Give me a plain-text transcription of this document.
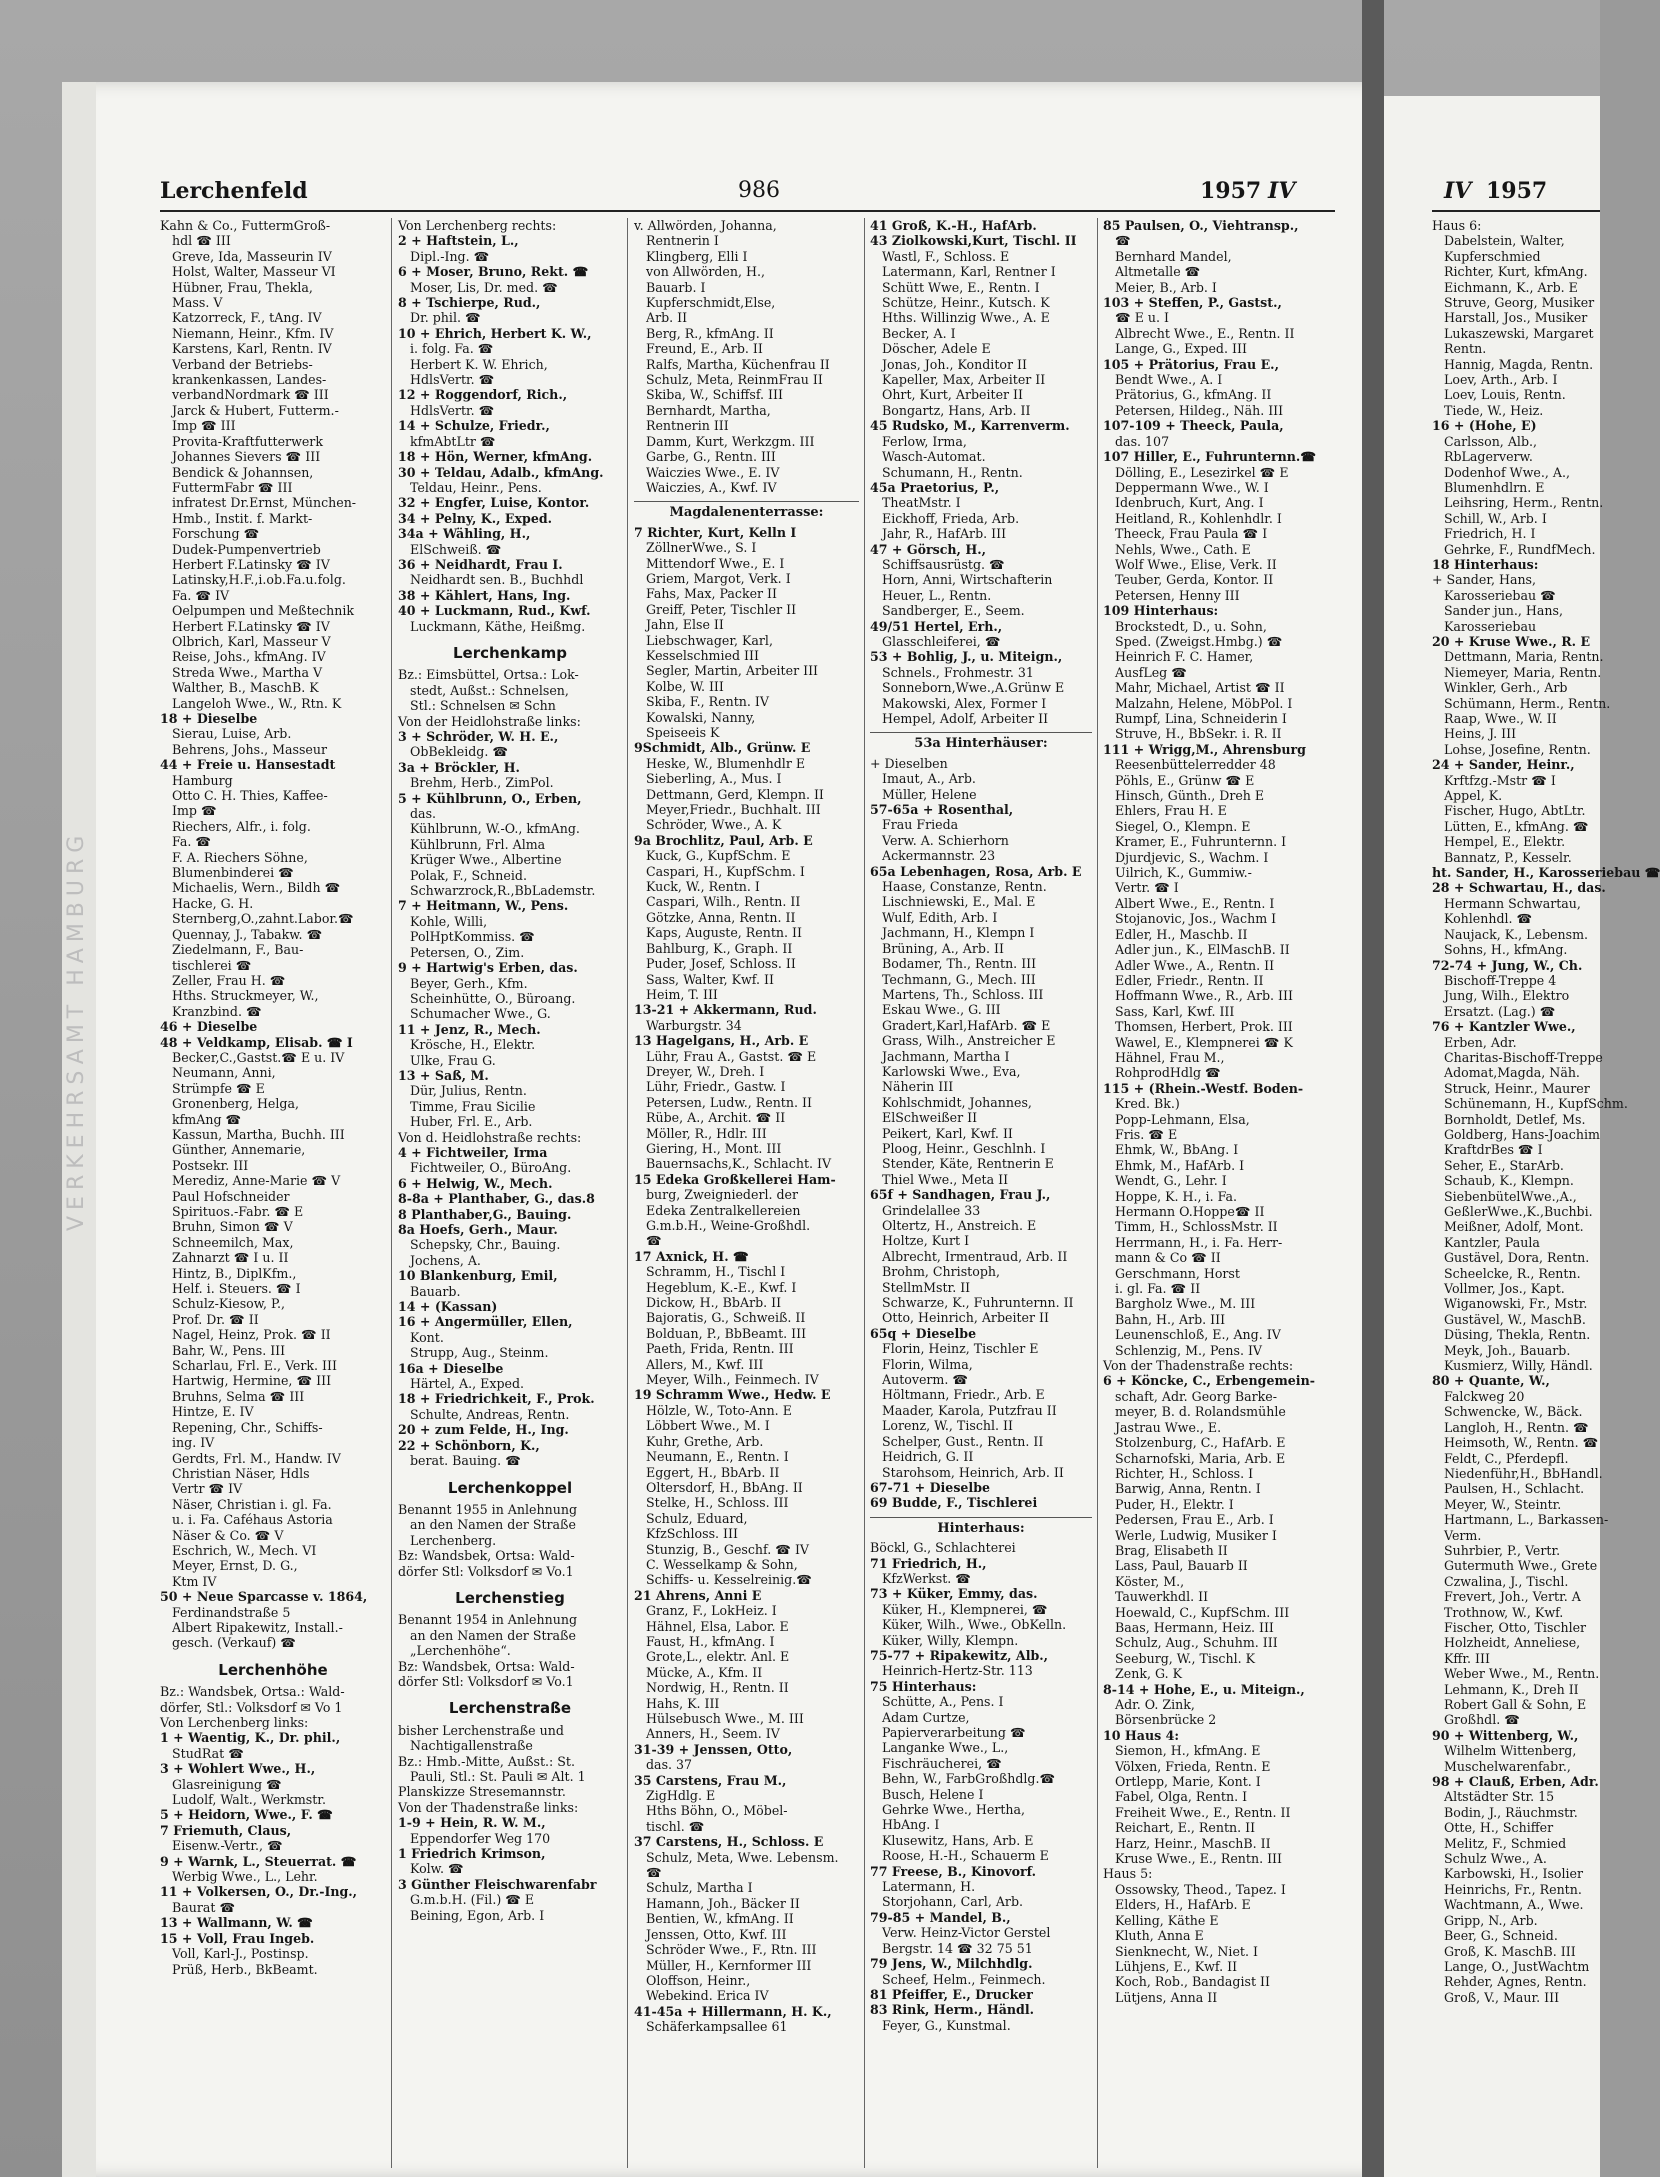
VERKEHRSAMT HAMBURG
Lerchenfeld	986	1957 IV	IV 1957
Kahn & Co., FuttermGroß-
hdl ☎ III
Greve, Ida, Masseurin IV
Holst, Walter, Masseur VI
Hübner, Frau, Thekla,
Mass. V
Katzorreck, F., tAng. IV
Niemann, Heinr., Kfm. IV
Karstens, Karl, Rentn. IV
Verband der Betriebs-
krankenkassen, Landes-
verbandNordmark ☎ III
Jarck & Hubert, Futterm.-
Imp ☎ III
Provita-Kraftfutterwerk
Johannes Sievers ☎ III
Bendick & Johannsen,
FuttermFabr ☎ III
infratest Dr.Ernst, München-
Hmb., Instit. f. Markt-
Forschung ☎
Dudek-Pumpenvertrieb
Herbert F.Latinsky ☎ IV
Latinsky,H.F.,i.ob.Fa.u.folg.
Fa. ☎ IV
Oelpumpen und Meßtechnik
Herbert F.Latinsky ☎ IV
Olbrich, Karl, Masseur V
Reise, Johs., kfmAng. IV
Streda Wwe., Martha V
Walther, B., MaschB. K
Langeloh Wwe., W., Rtn. K
18 + Dieselbe
Sierau, Luise, Arb.
Behrens, Johs., Masseur
44 + Freie u. Hansestadt
Hamburg
Otto C. H. Thies, Kaffee-
Imp ☎
Riechers, Alfr., i. folg.
Fa. ☎
F. A. Riechers Söhne,
Blumenbinderei ☎
Michaelis, Wern., Bildh ☎
Hacke, G. H.
Sternberg,O.,zahnt.Labor.☎
Quennay, J., Tabakw. ☎
Ziedelmann, F., Bau-
tischlerei ☎
Zeller, Frau H. ☎
Hths. Struckmeyer, W.,
Kranzbind. ☎
46 + Dieselbe
48 + Veldkamp, Elisab. ☎ I
Becker,C.,Gastst.☎ E u. IV
Neumann, Anni,
Strümpfe ☎ E
Gronenberg, Helga,
kfmAng ☎
Kassun, Martha, Buchh. III
Günther, Annemarie,
Postsekr. III
Merediz, Anne-Marie ☎ V
Paul Hofschneider
Spirituos.-Fabr. ☎ E
Bruhn, Simon ☎ V
Schneemilch, Max,
Zahnarzt ☎ I u. II
Hintz, B., DiplKfm.,
Helf. i. Steuers. ☎ I
Schulz-Kiesow, P.,
Prof. Dr. ☎ II
Nagel, Heinz, Prok. ☎ II
Bahr, W., Pens. III
Scharlau, Frl. E., Verk. III
Hartwig, Hermine, ☎ III
Bruhns, Selma ☎ III
Hintze, E. IV
Repening, Chr., Schiffs-
ing. IV
Gerdts, Frl. M., Handw. IV
Christian Näser, Hdls
Vertr ☎ IV
Näser, Christian i. gl. Fa.
u. i. Fa. Caféhaus Astoria
Näser & Co. ☎ V
Eschrich, W., Mech. VI
Meyer, Ernst, D. G.,
Ktm IV
50 + Neue Sparcasse v. 1864,
Ferdinandstraße 5
Albert Ripakewitz, Install.-
gesch. (Verkauf) ☎
Lerchenhöhe
Bz.: Wandsbek, Ortsa.: Wald-
dörfer, Stl.: Volksdorf ✉ Vo 1
Von Lerchenberg links:
1 + Waentig, K., Dr. phil.,
StudRat ☎
3 + Wohlert Wwe., H.,
Glasreinigung ☎
Ludolf, Walt., Werkmstr.
5 + Heidorn, Wwe., F. ☎
7 Friemuth, Claus,
Eisenw.-Vertr., ☎
9 + Warnk, L., Steuerrat. ☎
Werbig Wwe., L., Lehr.
11 + Volkersen, O., Dr.-Ing.,
Baurat ☎
13 + Wallmann, W. ☎
15 + Voll, Frau Ingeb.
Voll, Karl-J., Postinsp.
Prüß, Herb., BkBeamt.
Von Lerchenberg rechts:
2 + Haftstein, L.,
Dipl.-Ing. ☎
6 + Moser, Bruno, Rekt. ☎
Moser, Lis, Dr. med. ☎
8 + Tschierpe, Rud.,
Dr. phil. ☎
10 + Ehrich, Herbert K. W.,
i. folg. Fa. ☎
Herbert K. W. Ehrich,
HdlsVertr. ☎
12 + Roggendorf, Rich.,
HdlsVertr. ☎
14 + Schulze, Friedr.,
kfmAbtLtr ☎
18 + Hön, Werner, kfmAng.
30 + Teldau, Adalb., kfmAng.
Teldau, Heinr., Pens.
32 + Engfer, Luise, Kontor.
34 + Pelny, K., Exped.
34a + Wähling, H.,
ElSchweiß. ☎
36 + Neidhardt, Frau I.
Neidhardt sen. B., Buchhdl
38 + Kählert, Hans, Ing.
40 + Luckmann, Rud., Kwf.
Luckmann, Käthe, Heißmg.
Lerchenkamp
Bz.: Eimsbüttel, Ortsa.: Lok-
stedt, Außst.: Schnelsen,
Stl.: Schnelsen ✉ Schn
Von der Heidlohstraße links:
3 + Schröder, W. H. E.,
ObBekleidg. ☎
3a + Bröckler, H.
Brehm, Herb., ZimPol.
5 + Kühlbrunn, O., Erben,
das.
Kühlbrunn, W.-O., kfmAng.
Kühlbrunn, Frl. Alma
Krüger Wwe., Albertine
Polak, F., Schneid.
Schwarzrock,R.,BbLademstr.
7 + Heitmann, W., Pens.
Kohle, Willi,
PolHptKommiss. ☎
Petersen, O., Zim.
9 + Hartwig's Erben, das.
Beyer, Gerh., Kfm.
Scheinhütte, O., Büroang.
Schumacher Wwe., G.
11 + Jenz, R., Mech.
Krösche, H., Elektr.
Ulke, Frau G.
13 + Saß, M.
Dür, Julius, Rentn.
Timme, Frau Sicilie
Huber, Frl. E., Arb.
Von d. Heidlohstraße rechts:
4 + Fichtweiler, Irma
Fichtweiler, O., BüroAng.
6 + Helwig, W., Mech.
8-8a + Planthaber, G., das.8
8 Planthaber,G., Bauing.
8a Hoefs, Gerh., Maur.
Schepsky, Chr., Bauing.
Jochens, A.
10 Blankenburg, Emil,
Bauarb.
14 + (Kassan)
16 + Angermüller, Ellen,
Kont.
Strupp, Aug., Steinm.
16a + Dieselbe
Härtel, A., Exped.
18 + Friedrichkeit, F., Prok.
Schulte, Andreas, Rentn.
20 + zum Felde, H., Ing.
22 + Schönborn, K.,
berat. Bauing. ☎
Lerchenkoppel
Benannt 1955 in Anlehnung
an den Namen der Straße
Lerchenberg.
Bz: Wandsbek, Ortsa: Wald-
dörfer Stl: Volksdorf ✉ Vo.1
Lerchenstieg
Benannt 1954 in Anlehnung
an den Namen der Straße
„Lerchenhöhe“.
Bz: Wandsbek, Ortsa: Wald-
dörfer Stl: Volksdorf ✉ Vo.1
Lerchenstraße
bisher Lerchenstraße und
Nachtigallenstraße
Bz.: Hmb.-Mitte, Außst.: St.
Pauli, Stl.: St. Pauli ✉ Alt. 1
Planskizze Stresemannstr.
Von der Thadenstraße links:
1-9 + Hein, R. W. M.,
Eppendorfer Weg 170
1 Friedrich Krimson,
Kolw. ☎
3 Günther Fleischwarenfabr
G.m.b.H. (Fil.) ☎ E
Beining, Egon, Arb. I
v. Allwörden, Johanna,
Rentnerin I
Klingberg, Elli I
von Allwörden, H.,
Bauarb. I
Kupferschmidt,Else,
Arb. II
Berg, R., kfmAng. II
Freund, E., Arb. II
Ralfs, Martha, Küchenfrau II
Schulz, Meta, ReinmFrau II
Skiba, W., Schiffsf. III
Bernhardt, Martha,
Rentnerin III
Damm, Kurt, Werkzgm. III
Garbe, G., Rentn. III
Waiczies Wwe., E. IV
Waiczies, A., Kwf. IV
Magdalenenterrasse:
7 Richter, Kurt, Kelln I
ZöllnerWwe., S. I
Mittendorf Wwe., E. I
Griem, Margot, Verk. I
Fahs, Max, Packer II
Greiff, Peter, Tischler II
Jahn, Else II
Liebschwager, Karl,
Kesselschmied III
Segler, Martin, Arbeiter III
Kolbe, W. III
Skiba, F., Rentn. IV
Kowalski, Nanny,
Speiseeis K
9Schmidt, Alb., Grünw. E
Heske, W., Blumenhdlr E
Sieberling, A., Mus. I
Dettmann, Gerd, Klempn. II
Meyer,Friedr., Buchhalt. III
Schröder, Wwe., A. K
9a Brochlitz, Paul, Arb. E
Kuck, G., KupfSchm. E
Caspari, H., KupfSchm. I
Kuck, W., Rentn. I
Caspari, Wilh., Rentn. II
Götzke, Anna, Rentn. II
Kaps, Auguste, Rentn. II
Bahlburg, K., Graph. II
Puder, Josef, Schloss. II
Sass, Walter, Kwf. II
Heim, T. III
13-21 + Akkermann, Rud.
Warburgstr. 34
13 Hagelgans, H., Arb. E
Lühr, Frau A., Gastst. ☎ E
Dreyer, W., Dreh. I
Lühr, Friedr., Gastw. I
Petersen, Ludw., Rentn. II
Rübe, A., Archit. ☎ II
Möller, R., Hdlr. III
Giering, H., Mont. III
Bauernsachs,K., Schlacht. IV
15 Edeka Großkellerei Ham-
burg, Zweigniederl. der
Edeka Zentralkellereien
G.m.b.H., Weine-Großhdl.
☎
17 Axnick, H. ☎
Schramm, H., Tischl I
Hegeblum, K.-E., Kwf. I
Dickow, H., BbArb. II
Bajoratis, G., Schweiß. II
Bolduan, P., BbBeamt. III
Paeth, Frida, Rentn. III
Allers, M., Kwf. III
Meyer, Wilh., Feinmech. IV
19 Schramm Wwe., Hedw. E
Hölzle, W., Toto-Ann. E
Löbbert Wwe., M. I
Kuhr, Grethe, Arb.
Neumann, E., Rentn. I
Eggert, H., BbArb. II
Oltersdorf, H., BbAng. II
Stelke, H., Schloss. III
Schulz, Eduard,
KfzSchloss. III
Stunzig, B., Geschf. ☎ IV
C. Wesselkamp & Sohn,
Schiffs- u. Kesselreinig.☎
21 Ahrens, Anni E
Granz, F., LokHeiz. I
Hähnel, Elsa, Labor. E
Faust, H., kfmAng. I
Grote,L., elektr. Anl. E
Mücke, A., Kfm. II
Nordwig, H., Rentn. II
Hahs, K. III
Hülsebusch Wwe., M. III
Anners, H., Seem. IV
31-39 + Jenssen, Otto,
das. 37
35 Carstens, Frau M.,
ZigHdlg. E
Hths Böhn, O., Möbel-
tischl. ☎
37 Carstens, H., Schloss. E
Schulz, Meta, Wwe. Lebensm.
☎
Schulz, Martha I
Hamann, Joh., Bäcker II
Bentien, W., kfmAng. II
Jenssen, Otto, Kwf. III
Schröder Wwe., F., Rtn. III
Müller, H., Kernformer III
Oloffson, Heinr.,
Webekind. Erica IV
41-45a + Hillermann, H. K.,
Schäferkampsallee 61
41 Groß, K.-H., HafArb.
43 Ziolkowski,Kurt, Tischl. II
Wastl, F., Schloss. E
Latermann, Karl, Rentner I
Schütt Wwe, E., Rentn. I
Schütze, Heinr., Kutsch. K
Hths. Willinzig Wwe., A. E
Becker, A. I
Döscher, Adele E
Jonas, Joh., Konditor II
Kapeller, Max, Arbeiter II
Ohrt, Kurt, Arbeiter II
Bongartz, Hans, Arb. II
45 Rudsko, M., Karrenverm.
Ferlow, Irma,
Wasch-Automat.
Schumann, H., Rentn.
45a Praetorius, P.,
TheatMstr. I
Eickhoff, Frieda, Arb.
Jahr, R., HafArb. III
47 + Görsch, H.,
Schiffsausrüstg. ☎
Horn, Anni, Wirtschafterin
Heuer, L., Rentn.
Sandberger, E., Seem.
49/51 Hertel, Erh.,
Glasschleiferei, ☎
53 + Bohlig, J., u. Miteign.,
Schnels., Frohmestr. 31
Sonneborn,Wwe.,A.Grünw E
Makowski, Alex, Former I
Hempel, Adolf, Arbeiter II
53a Hinterhäuser:
+ Dieselben
Imaut, A., Arb.
Müller, Helene
57-65a + Rosenthal,
Frau Frieda
Verw. A. Schierhorn
Ackermannstr. 23
65a Lebenhagen, Rosa, Arb. E
Haase, Constanze, Rentn.
Lischniewski, E., Mal. E
Wulf, Edith, Arb. I
Jachmann, H., Klempn I
Brüning, A., Arb. II
Bodamer, Th., Rentn. III
Techmann, G., Mech. III
Martens, Th., Schloss. III
Eskau Wwe., G. III
Gradert,Karl,HafArb. ☎ E
Grass, Wilh., Anstreicher E
Jachmann, Martha I
Karlowski Wwe., Eva,
Näherin III
Kohlschmidt, Johannes,
ElSchweißer II
Peikert, Karl, Kwf. II
Ploog, Heinr., Geschlnh. I
Stender, Käte, Rentnerin E
Thiel Wwe., Meta II
65f + Sandhagen, Frau J.,
Grindelallee 33
Oltertz, H., Anstreich. E
Holtze, Kurt I
Albrecht, Irmentraud, Arb. II
Brohm, Christoph,
StellmMstr. II
Schwarze, K., Fuhrunternn. II
Otto, Heinrich, Arbeiter II
65q + Dieselbe
Florin, Heinz, Tischler E
Florin, Wilma,
Autoverm. ☎
Höltmann, Friedr., Arb. E
Maader, Karola, Putzfrau II
Lorenz, W., Tischl. II
Schelper, Gust., Rentn. II
Heidrich, G. II
Starohsom, Heinrich, Arb. II
67-71 + Dieselbe
69 Budde, F., Tischlerei
Hinterhaus:
Böckl, G., Schlachterei
71 Friedrich, H.,
KfzWerkst. ☎
73 + Küker, Emmy, das.
Küker, H., Klempnerei, ☎
Küker, Wilh., Wwe., ObKelln.
Küker, Willy, Klempn.
75-77 + Ripakewitz, Alb.,
Heinrich-Hertz-Str. 113
75 Hinterhaus:
Schütte, A., Pens. I
Adam Curtze,
Papierverarbeitung ☎
Langanke Wwe., L.,
Fischräucherei, ☎
Behn, W., FarbGroßhdlg.☎
Busch, Helene I
Gehrke Wwe., Hertha,
HbAng. I
Klusewitz, Hans, Arb. E
Roose, H.-H., Schauerm E
77 Freese, B., Kinovorf.
Latermann, H.
Storjohann, Carl, Arb.
79-85 + Mandel, B.,
Verw. Heinz-Victor Gerstel
Bergstr. 14 ☎ 32 75 51
79 Jens, W., Milchhdlg.
Scheef, Helm., Feinmech.
81 Pfeiffer, E., Drucker
83 Rink, Herm., Händl.
Feyer, G., Kunstmal.
85 Paulsen, O., Viehtransp.,
☎
Bernhard Mandel,
Altmetalle ☎
Meier, B., Arb. I
103 + Steffen, P., Gastst.,
☎ E u. I
Albrecht Wwe., E., Rentn. II
Lange, G., Exped. III
105 + Prätorius, Frau E.,
Bendt Wwe., A. I
Prätorius, G., kfmAng. II
Petersen, Hildeg., Näh. III
107-109 + Theeck, Paula,
das. 107
107 Hiller, E., Fuhrunternn.☎
Dölling, E., Lesezirkel ☎ E
Deppermann Wwe., W. I
Idenbruch, Kurt, Ang. I
Heitland, R., Kohlenhdlr. I
Theeck, Frau Paula ☎ I
Nehls, Wwe., Cath. E
Wolf Wwe., Elise, Verk. II
Teuber, Gerda, Kontor. II
Petersen, Henny III
109 Hinterhaus:
Brockstedt, D., u. Sohn,
Sped. (Zweigst.Hmbg.) ☎
Heinrich F. C. Hamer,
AusfLeg ☎
Mahr, Michael, Artist ☎ II
Malzahn, Helene, MöbPol. I
Rumpf, Lina, Schneiderin I
Struve, H., BbSekr. i. R. II
111 + Wrigg,M., Ahrensburg
Reesenbüttelerredder 48
Pöhls, E., Grünw ☎ E
Hinsch, Günth., Dreh E
Ehlers, Frau H. E
Siegel, O., Klempn. E
Kramer, E., Fuhrunternn. I
Djurdjevic, S., Wachm. I
Uilrich, K., Gummiw.-
Vertr. ☎ I
Albert Wwe., E., Rentn. I
Stojanovic, Jos., Wachm I
Edler, H., Maschb. II
Adler jun., K., ElMaschB. II
Adler Wwe., A., Rentn. II
Edler, Friedr., Rentn. II
Hoffmann Wwe., R., Arb. III
Sass, Karl, Kwf. III
Thomsen, Herbert, Prok. III
Wawel, E., Klempnerei ☎ K
Hähnel, Frau M.,
RohprodHdlg ☎
115 + (Rhein.-Westf. Boden-
Kred. Bk.)
Popp-Lehmann, Elsa,
Fris. ☎ E
Ehmk, W., BbAng. I
Ehmk, M., HafArb. I
Wendt, G., Lehr. I
Hoppe, K. H., i. Fa.
Hermann O.Hoppe☎ II
Timm, H., SchlossMstr. II
Herrmann, H., i. Fa. Herr-
mann & Co ☎ II
Gerschmann, Horst
i. gl. Fa. ☎ II
Bargholz Wwe., M. III
Bahn, H., Arb. III
Leunenschloß, E., Ang. IV
Schlenzig, M., Pens. IV
Von der Thadenstraße rechts:
6 + Köncke, C., Erbengemein-
schaft, Adr. Georg Barke-
meyer, B. d. Rolandsmühle
Jastrau Wwe., E.
Stolzenburg, C., HafArb. E
Scharnofski, Maria, Arb. E
Richter, H., Schloss. I
Barwig, Anna, Rentn. I
Puder, H., Elektr. I
Pedersen, Frau E., Arb. I
Werle, Ludwig, Musiker I
Brag, Elisabeth II
Lass, Paul, Bauarb II
Köster, M.,
Tauwerkhdl. II
Hoewald, C., KupfSchm. III
Baas, Hermann, Heiz. III
Schulz, Aug., Schuhm. III
Seeburg, W., Tischl. K
Zenk, G. K
8-14 + Hohe, E., u. Miteign.,
Adr. O. Zink,
Börsenbrücke 2
10 Haus 4:
Siemon, H., kfmAng. E
Völxen, Frieda, Rentn. E
Ortlepp, Marie, Kont. I
Fabel, Olga, Rentn. I
Freiheit Wwe., E., Rentn. II
Reichart, E., Rentn. II
Harz, Heinr., MaschB. II
Kruse Wwe., E., Rentn. III
Haus 5:
Ossowsky, Theod., Tapez. I
Elders, H., HafArb. E
Kelling, Käthe E
Kluth, Anna E
Sienknecht, W., Niet. I
Lühjens, E., Kwf. II
Koch, Rob., Bandagist II
Lütjens, Anna II
Haus 6:
Dabelstein, Walter,
Kupferschmied
Richter, Kurt, kfmAng.
Eichmann, K., Arb. E
Struve, Georg, Musiker
Harstall, Jos., Musiker
Lukaszewski, Margaret
Rentn.
Hannig, Magda, Rentn.
Loev, Arth., Arb. I
Loev, Louis, Rentn.
Tiede, W., Heiz.
16 + (Hohe, E)
Carlsson, Alb.,
RbLagerverw.
Dodenhof Wwe., A.,
Blumenhdlrn. E
Leihsring, Herm., Rentn.
Schill, W., Arb. I
Friedrich, H. I
Gehrke, F., RundfMech.
18 Hinterhaus:
+ Sander, Hans,
Karosseriebau ☎
Sander jun., Hans,
Karosseriebau
20 + Kruse Wwe., R. E
Dettmann, Maria, Rentn.
Niemeyer, Maria, Rentn.
Winkler, Gerh., Arb
Schümann, Herm., Rentn.
Raap, Wwe., W. II
Heins, J. III
Lohse, Josefine, Rentn.
24 + Sander, Heinr.,
Krftfzg.-Mstr ☎ I
Appel, K.
Fischer, Hugo, AbtLtr.
Lütten, E., kfmAng. ☎
Hempel, E., Elektr.
Bannatz, P., Kesselr.
ht. Sander, H., Karosseriebau ☎
28 + Schwartau, H., das.
Hermann Schwartau,
Kohlenhdl. ☎
Naujack, K., Lebensm.
Sohns, H., kfmAng.
72-74 + Jung, W., Ch.
Bischoff-Treppe 4
Jung, Wilh., Elektro
Ersatzt. (Lag.) ☎
76 + Kantzler Wwe.,
Erben, Adr.
Charitas-Bischoff-Treppe
Adomat,Magda, Näh.
Struck, Heinr., Maurer
Schünemann, H., KupfSchm.
Bornholdt, Detlef, Ms.
Goldberg, Hans-Joachim
KraftdrBes ☎ I
Seher, E., StarArb.
Schaub, K., Klempn.
SiebenbütelWwe.,A.,
GeßlerWwe.,K.,Buchbi.
Meißner, Adolf, Mont.
Kantzler, Paula
Gustävel, Dora, Rentn.
Scheelcke, R., Rentn.
Vollmer, Jos., Kapt.
Wiganowski, Fr., Mstr.
Gustävel, W., MaschB.
Düsing, Thekla, Rentn.
Meyk, Joh., Bauarb.
Kusmierz, Willy, Händl.
80 + Quante, W.,
Falckweg 20
Schwencke, W., Bäck.
Langloh, H., Rentn. ☎
Heimsoth, W., Rentn. ☎
Feldt, C., Pferdepfl.
Niedenführ,H., BbHandl.
Paulsen, H., Schlacht.
Meyer, W., Steintr.
Hartmann, L., Barkassen-
Verm.
Suhrbier, P., Vertr.
Gutermuth Wwe., Grete
Czwalina, J., Tischl.
Frevert, Joh., Vertr. A
Trothnow, W., Kwf.
Fischer, Otto, Tischler
Holzheidt, Anneliese,
Kffr. III
Weber Wwe., M., Rentn.
Lehmann, K., Dreh II
Robert Gall & Sohn, E
Großhdl. ☎
90 + Wittenberg, W.,
Wilhelm Wittenberg,
Muschelwarenfabr.,
98 + Clauß, Erben, Adr.
Altstädter Str. 15
Bodin, J., Räuchmstr.
Otte, H., Schiffer
Melitz, F., Schmied
Schulz Wwe., A.
Karbowski, H., Isolier
Heinrichs, Fr., Rentn.
Wachtmann, A., Wwe.
Gripp, N., Arb.
Beer, G., Schneid.
Groß, K. MaschB. III
Lange, O., JustWachtm
Rehder, Agnes, Rentn.
Groß, V., Maur. III
